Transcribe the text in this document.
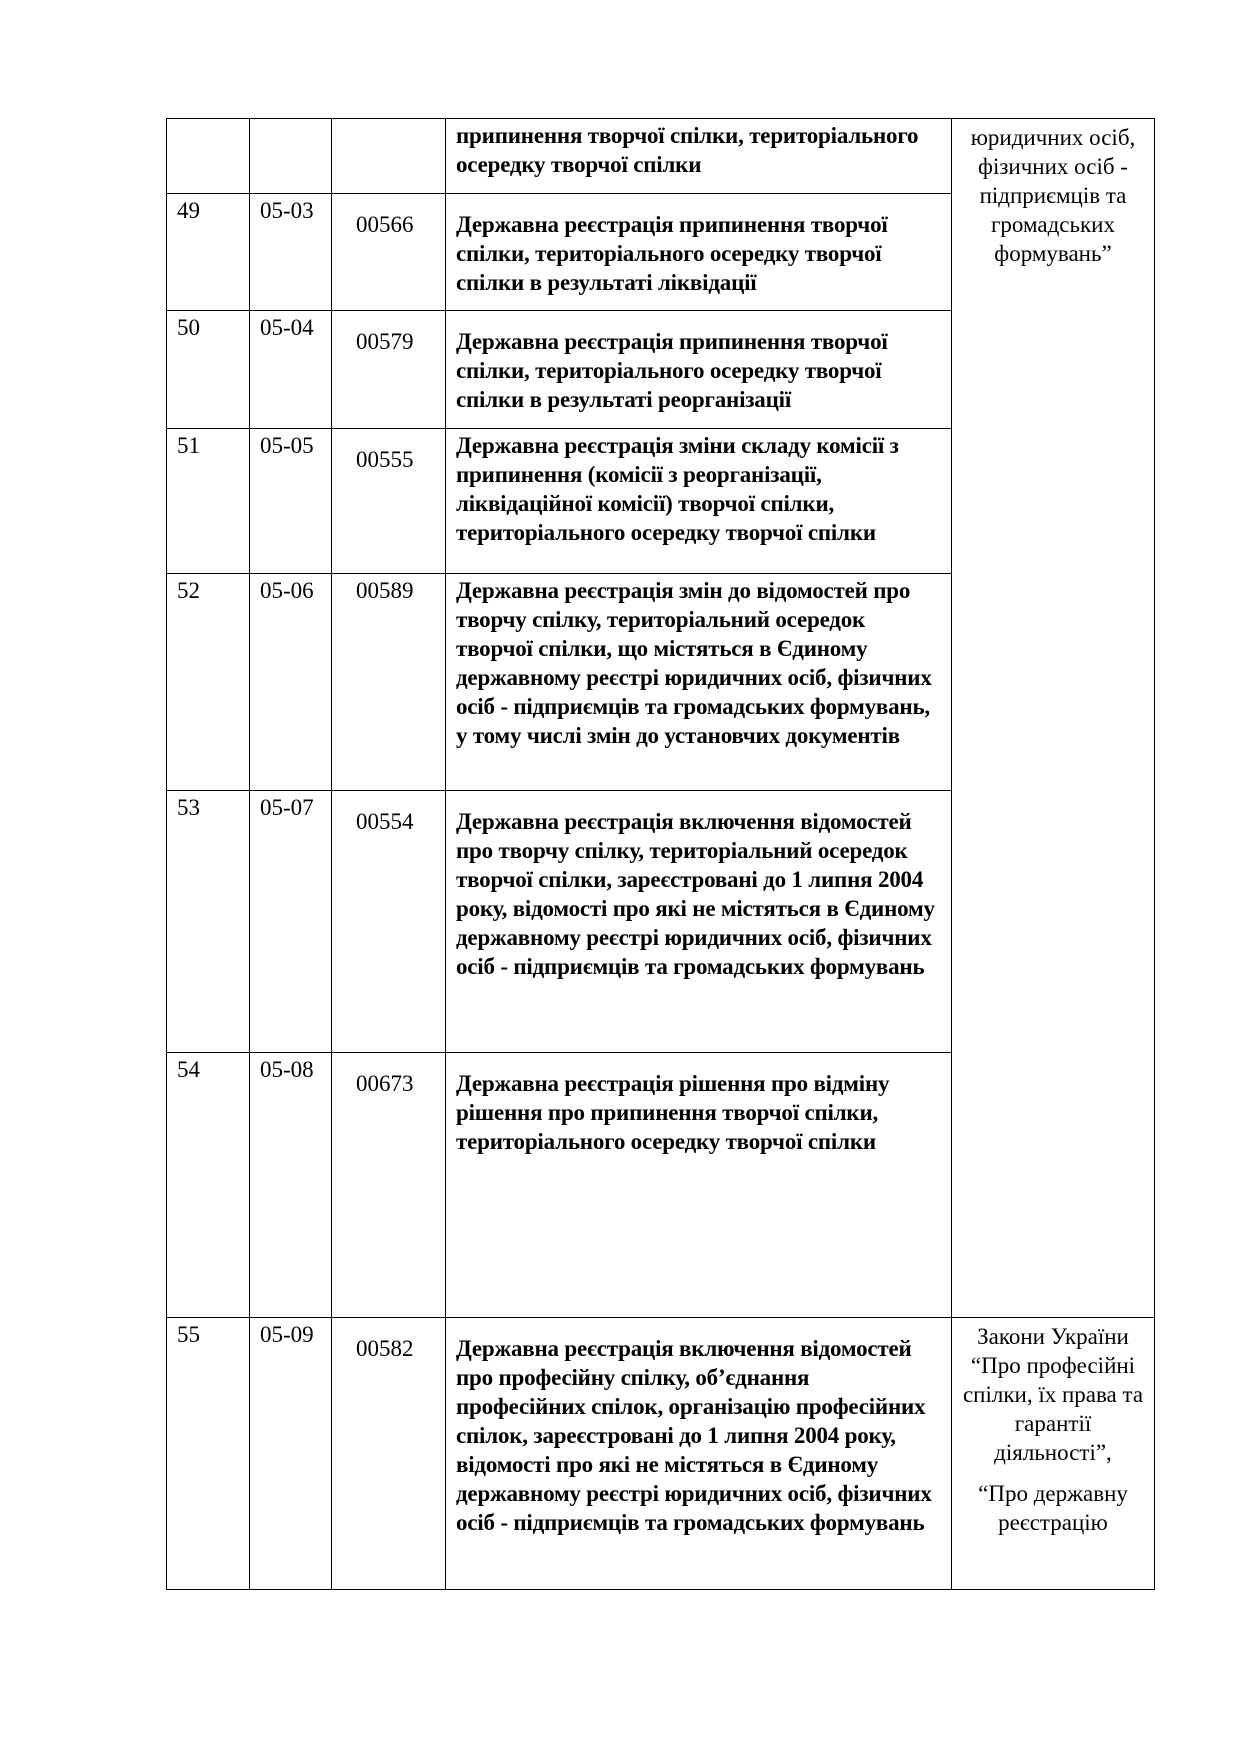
			припинення творчої спілки, територіального осередку творчої спілки	юридичних осіб, фізичних осіб - підприємців та громадських формувань”

49	05-03	00566	Державна реєстрація припинення творчої спілки, територіального осередку творчої спілки в результаті ліквідації	
50	05-04	00579	Державна реєстрація припинення творчої спілки, територіального осередку творчої спілки в результаті реорганізації	
51	05-05	00555	Державна реєстрація зміни складу комісії з припинення (комісії з реорганізації, ліквідаційної комісії) творчої спілки, територіального осередку творчої спілки	
52	05-06	00589	Державна реєстрація змін до відомостей про творчу спілку, територіальний осередок творчої спілки, що містяться в Єдиному державному реєстрі юридичних осіб, фізичних осіб - підприємців та громадських формувань, у тому числі змін до установчих документів	
53	05-07	00554	Державна реєстрація включення відомостей про творчу спілку, територіальний осередок творчої спілки, зареєстровані до 1 липня 2004 року, відомості про які не містяться в Єдиному державному реєстрі юридичних осіб, фізичних осіб - підприємців та громадських формувань	
54	05-08	00673	Державна реєстрація рішення про відміну рішення про припинення творчої спілки, територіального осередку творчої спілки	
55	05-09	00582	Державна реєстрація включення відомостей про професійну спілку, об’єднання професійних спілок, організацію професійних спілок, зареєстровані до 1 липня 2004 року, відомості про які не містяться в Єдиному державному реєстрі юридичних осіб, фізичних осіб - підприємців та громадських формувань	Закони України “Про професійні спілки, їх права та гарантії діяльності”,

“Про державну реєстрацію
